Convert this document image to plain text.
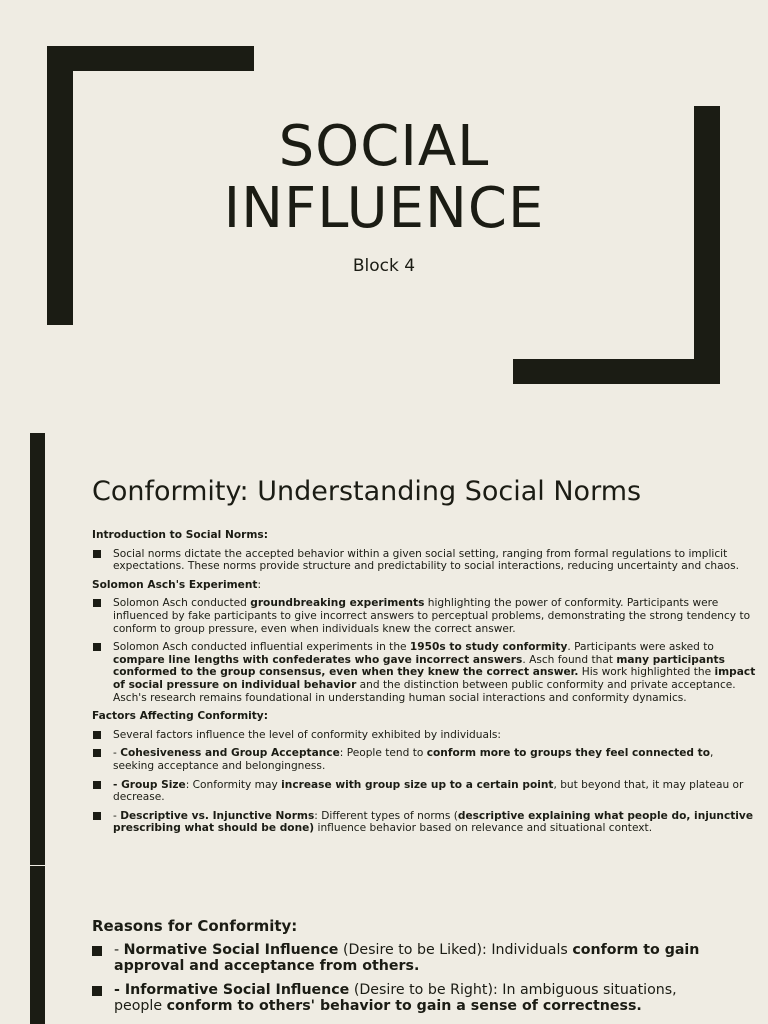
SOCIAL
INFLUENCE
Block 4
Conformity: Understanding Social Norms
Introduction to Social Norms:
Social norms dictate the accepted behavior within a given social setting, ranging from formal regulations to implicit expectations. These norms provide structure and predictability to social interactions, reducing uncertainty and chaos.
Solomon Asch's Experiment:
Solomon Asch conducted groundbreaking experiments highlighting the power of conformity. Participants were influenced by fake participants to give incorrect answers to perceptual problems, demonstrating the strong tendency to conform to group pressure, even when individuals knew the correct answer.
Solomon Asch conducted influential experiments in the 1950s to study conformity. Participants were asked to compare line lengths with confederates who gave incorrect answers. Asch found that many participants conformed to the group consensus, even when they knew the correct answer. His work highlighted the impact of social pressure on individual behavior and the distinction between public conformity and private acceptance. Asch's research remains foundational in understanding human social interactions and conformity dynamics.
Factors Affecting Conformity:
Several factors influence the level of conformity exhibited by individuals:
- Cohesiveness and Group Acceptance: People tend to conform more to groups they feel connected to, seeking acceptance and belongingness.
- Group Size: Conformity may increase with group size up to a certain point, but beyond that, it may plateau or decrease.
- Descriptive vs. Injunctive Norms: Different types of norms (descriptive explaining what people do, injunctive prescribing what should be done) influence behavior based on relevance and situational context.
Reasons for Conformity:
- Normative Social Influence (Desire to be Liked): Individuals conform to gain approval and acceptance from others.
- Informative Social Influence (Desire to be Right): In ambiguous situations, people conform to others' behavior to gain a sense of correctness.
